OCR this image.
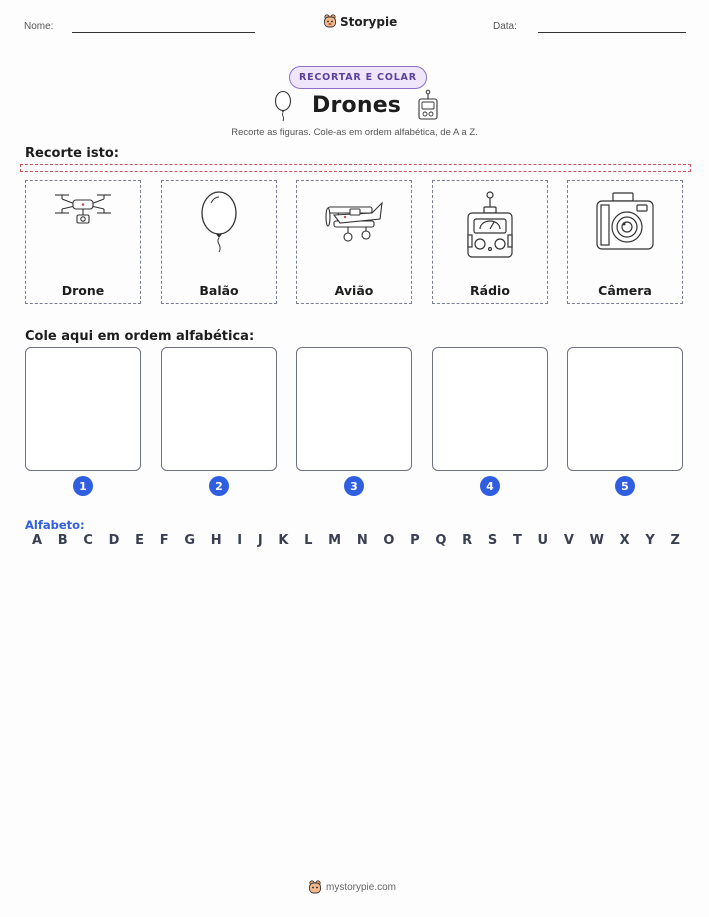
Nome:	Storypie	Data:
RECORTAR E COLAR
Drones
Recorte as figuras. Cole-as em ordem alfabética, de A a Z.
Recorte isto:
Drone	Balão	Avião	Rádio	Câmera
Cole aqui em ordem alfabética:
1	2	3	4	5
Alfabeto:
A B C D E F G H I J K L M N O P Q R S T U V W X Y Z
mystorypie.com
